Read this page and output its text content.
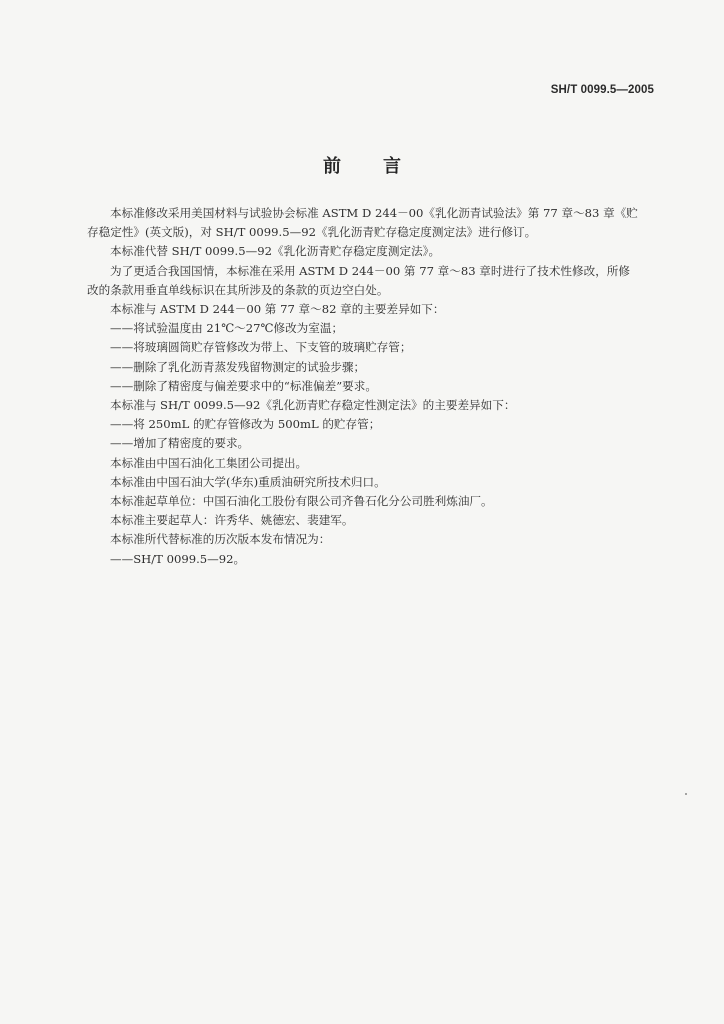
SH/T 0099.5—2005
前言

本标准修改采用美国材料与试验协会标准 ASTM D 244－00《乳化沥青试验法》第 77 章～83 章《贮

存稳定性》(英文版)，对 SH/T 0099.5—92《乳化沥青贮存稳定度测定法》进行修订。

本标准代替 SH/T 0099.5—92《乳化沥青贮存稳定度测定法》。

为了更适合我国国情，本标准在采用 ASTM D 244－00 第 77 章～83 章时进行了技术性修改，所修

改的条款用垂直单线标识在其所涉及的条款的页边空白处。

本标准与 ASTM D 244－00 第 77 章～82 章的主要差异如下：

——将试验温度由 21℃～27℃修改为室温；

——将玻璃圆筒贮存管修改为带上、下支管的玻璃贮存管；

——删除了乳化沥青蒸发残留物测定的试验步骤；

——删除了精密度与偏差要求中的“标准偏差”要求。

本标准与 SH/T 0099.5—92《乳化沥青贮存稳定性测定法》的主要差异如下：

——将 250mL 的贮存管修改为 500mL 的贮存管；

——增加了精密度的要求。

本标准由中国石油化工集团公司提出。

本标准由中国石油大学(华东)重质油研究所技术归口。

本标准起草单位：中国石油化工股份有限公司齐鲁石化分公司胜利炼油厂。

本标准主要起草人：许秀华、姚德宏、裴建军。

本标准所代替标准的历次版本发布情况为：

——SH/T 0099.5—92。
